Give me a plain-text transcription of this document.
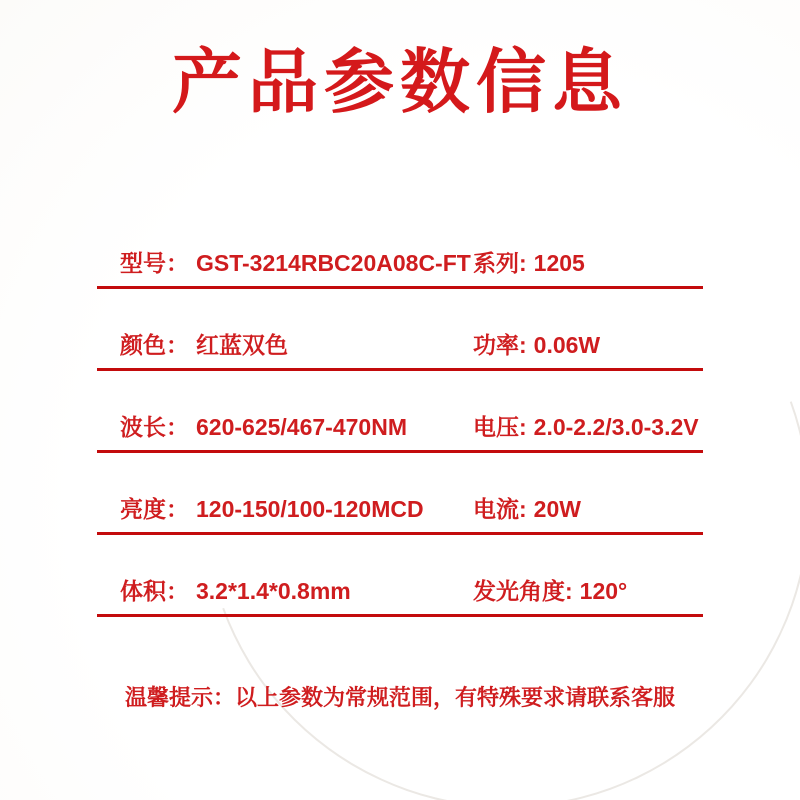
产品参数信息
型号： GST-3214RBC20A08C-FT 系列: 1205
颜色： 红蓝双色	功率: 0.06W
波长： 620-625/467-470NM	电压: 2.0-2.2/3.0-3.2V
亮度： 120-150/100-120MCD 电流: 20W
体积： 3.2*1.4*0.8mm	发光角度: 120°
温馨提示：以上参数为常规范围，有特殊要求请联系客服
